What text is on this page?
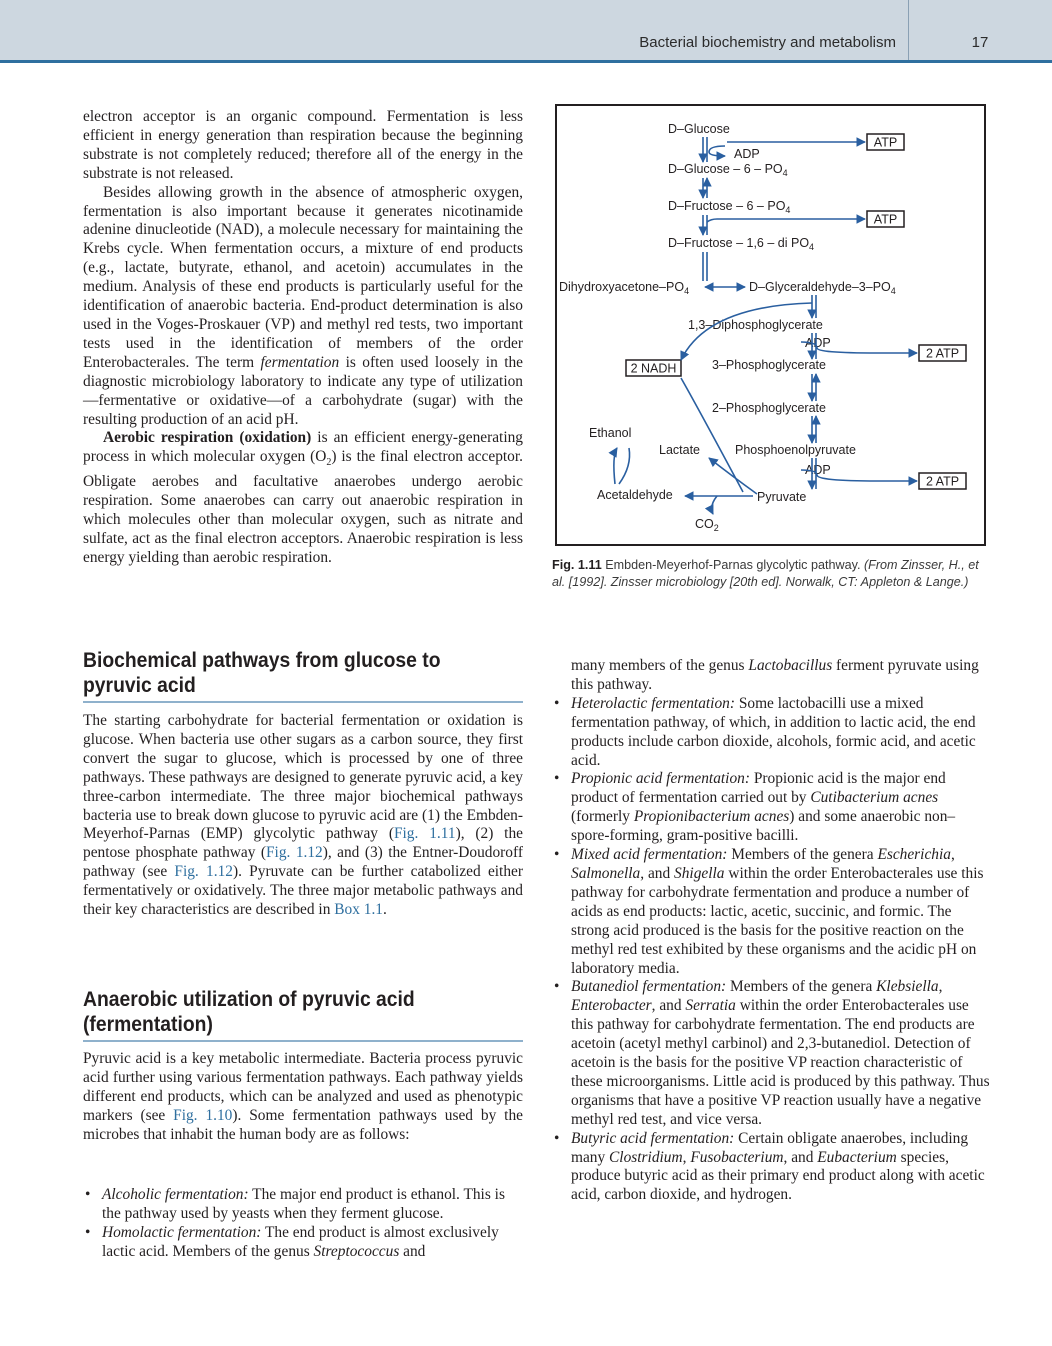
Bacterial biochemistry and metabolism	17

electron acceptor is an organic compound. Fermentation is less efficient in energy generation than respiration because the beginning substrate is not completely reduced; therefore all of the energy in the substrate is not released.

Besides allowing growth in the absence of atmospheric oxygen, fermentation is also important because it generates nicotinamide adenine dinucleotide (NAD), a molecule necessary for maintaining the Krebs cycle. When fermentation occurs, a mixture of end products (e.g., lactate, butyrate, ethanol, and acetoin) accumulates in the medium. Analysis of these end products is particularly useful for the identification of anaerobic bacteria. End-product determination is also used in the Voges-Proskauer (VP) and methyl red tests, two important tests used in the identification of members of the order Enterobacterales. The term fermentation is often used loosely in the diagnostic microbiology laboratory to indicate any type of utilization—fermentative or oxidative—of a carbohydrate (sugar) with the resulting production of an acid pH.

Aerobic respiration (oxidation) is an efficient energy-generating process in which molecular oxygen $(O_2)$ is the final electron acceptor. Obligate aerobes and facultative anaerobes undergo aerobic respiration. Some anaerobes can carry out anaerobic respiration in which molecules other than molecular oxygen, such as nitrate and sulfate, act as the final electron acceptors. Anaerobic respiration is less energy yielding than aerobic respiration.

D–Glucose
ADP
$D-Glucose - 6 - PO_4$
D–Fructose – $6 - PO_4$
D–Fructose – 1,6 – di $PO_4$
Dihydroxyacetone–$PO_4$	$D-Glyceraldehyde-3-PO_4$
1,3–Diphosphoglycerate
ADP
3–Phosphoglycerate
2–Phosphoglycerate
Ethanol
Lactate	Phosphoenolpyruvate
ADP
Acetaldehyde	Pyruvate
$CO_2$
ATP
ATP
2 NADH
2 ATP
2 ATP
Fig. 1.11 Embden-Meyerhof-Parnas glycolytic pathway. (From Zinsser, H., et al. [1992]. Zinsser microbiology [20th ed]. Norwalk, CT: Appleton & Lange.)
Biochemical pathways from glucose to pyruvic acid

The starting carbohydrate for bacterial fermentation or oxidation is glucose. When bacteria use other sugars as a carbon source, they first convert the sugar to glucose, which is processed by one of three pathways. These pathways are designed to generate pyruvic acid, a key three-carbon intermediate. The three major biochemical pathways bacteria use to break down glucose to pyruvic acid are (1) the Embden-Meyerhof-Parnas (EMP) glycolytic pathway (Fig. 1.11), (2) the pentose phosphate pathway (Fig. 1.12), and (3) the Entner-Doudoroff pathway (see Fig. 1.12). Pyruvate can be further catabolized either fermentatively or oxidatively. The three major metabolic pathways and their key characteristics are described in Box 1.1.

Anaerobic utilization of pyruvic acid (fermentation)

Pyruvic acid is a key metabolic intermediate. Bacteria process pyruvic acid further using various fermentation pathways. Each pathway yields different end products, which can be analyzed and used as phenotypic markers (see Fig. 1.10). Some fermentation pathways used by the microbes that inhabit the human body are as follows:

• Alcoholic fermentation: The major end product is ethanol. This is the pathway used by yeasts when they ferment glucose.
• Homolactic fermentation: The end product is almost exclusively lactic acid. Members of the genus Streptococcus and
many members of the genus Lactobacillus ferment pyruvate using this pathway.
• Heterolactic fermentation: Some lactobacilli use a mixed fermentation pathway, of which, in addition to lactic acid, the end products include carbon dioxide, alcohols, formic acid, and acetic acid.
• Propionic acid fermentation: Propionic acid is the major end product of fermentation carried out by Cutibacterium acnes (formerly Propionibacterium acnes) and some anaerobic non–spore-forming, gram-positive bacilli.
• Mixed acid fermentation: Members of the genera Escherichia, Salmonella, and Shigella within the order Enterobacterales use this pathway for carbohydrate fermentation and produce a number of acids as end products: lactic, acetic, succinic, and formic. The strong acid produced is the basis for the positive reaction on the methyl red test exhibited by these organisms and the acidic pH on laboratory media.
• Butanediol fermentation: Members of the genera Klebsiella, Enterobacter, and Serratia within the order Enterobacterales use this pathway for carbohydrate fermentation. The end products are acetoin (acetyl methyl carbinol) and 2,3-butanediol. Detection of acetoin is the basis for the positive VP reaction characteristic of these microorganisms. Little acid is produced by this pathway. Thus organisms that have a positive VP reaction usually have a negative methyl red test, and vice versa.
• Butyric acid fermentation: Certain obligate anaerobes, including many Clostridium, Fusobacterium, and Eubacterium species, produce butyric acid as their primary end product along with acetic acid, carbon dioxide, and hydrogen.
